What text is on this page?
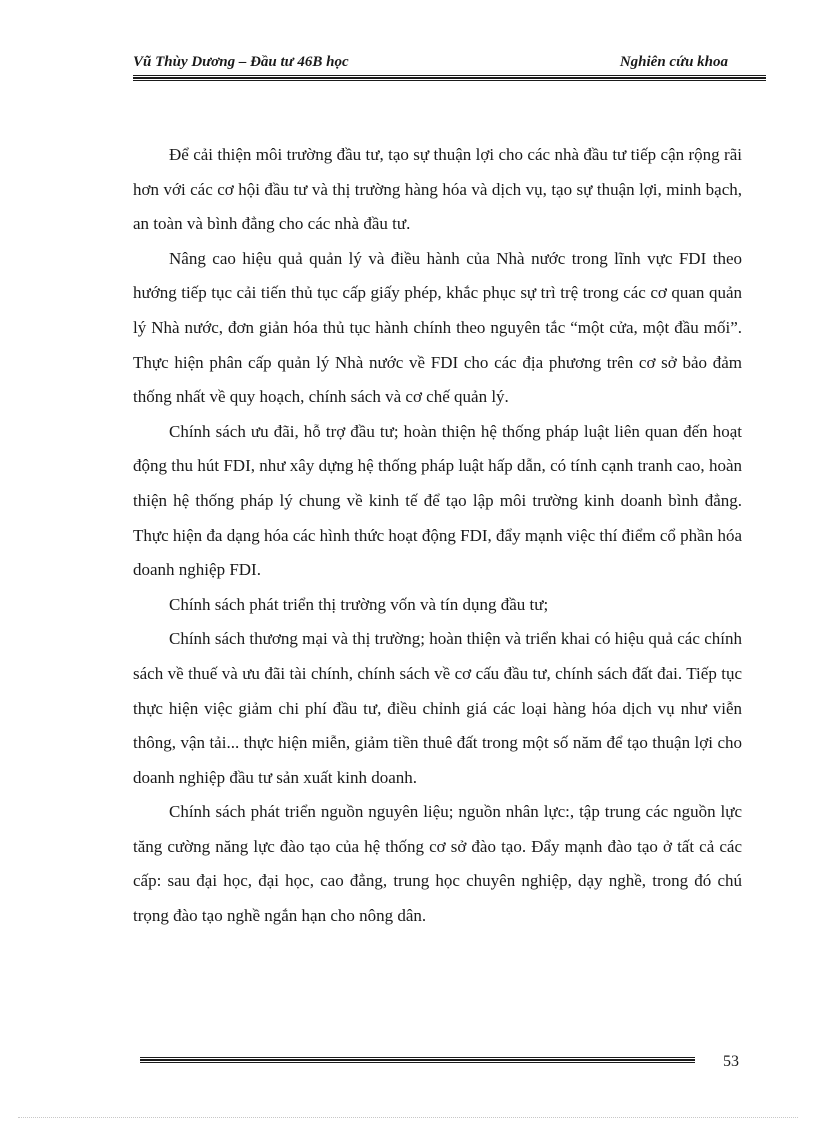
Vũ Thùy Dương – Đầu tư 46B học	Nghiên cứu khoa

Để cải thiện môi trường đầu tư, tạo sự thuận lợi cho các nhà đầu tư tiếp cận rộng rãi hơn với các cơ hội đầu tư và thị trường hàng hóa và dịch vụ, tạo sự thuận lợi, minh bạch, an toàn và bình đẳng cho các nhà đầu tư.

Nâng cao hiệu quả quản lý và điều hành của Nhà nước trong lĩnh vực FDI theo hướng tiếp tục cải tiến thủ tục cấp giấy phép, khắc phục sự trì trệ trong các cơ quan quản lý Nhà nước, đơn giản hóa thủ tục hành chính theo nguyên tắc “một cửa, một đầu mối”. Thực hiện phân cấp quản lý Nhà nước về FDI cho các địa phương trên cơ sở bảo đảm thống nhất về quy hoạch, chính sách và cơ chế quản lý.

Chính sách ưu đãi, hỗ trợ đầu tư; hoàn thiện hệ thống pháp luật liên quan đến hoạt động thu hút FDI, như xây dựng hệ thống pháp luật hấp dẫn, có tính cạnh tranh cao, hoàn thiện hệ thống pháp lý chung về kinh tế để tạo lập môi trường kinh doanh bình đẳng. Thực hiện đa dạng hóa các hình thức hoạt động FDI, đẩy mạnh việc thí điểm cổ phần hóa doanh nghiệp FDI.

Chính sách phát triển thị trường vốn và tín dụng đầu tư;

Chính sách thương mại và thị trường; hoàn thiện và triển khai có hiệu quả các chính sách về thuế và ưu đãi tài chính, chính sách về cơ cấu đầu tư, chính sách đất đai. Tiếp tục thực hiện việc giảm chi phí đầu tư, điều chỉnh giá các loại hàng hóa dịch vụ như viễn thông, vận tải... thực hiện miễn, giảm tiền thuê đất trong một số năm để tạo thuận lợi cho doanh nghiệp đầu tư sản xuất kinh doanh.

Chính sách phát triển nguồn nguyên liệu; nguồn nhân lực:, tập trung các nguồn lực tăng cường năng lực đào tạo của hệ thống cơ sở đào tạo. Đẩy mạnh đào tạo ở tất cả các cấp: sau đại học, đại học, cao đẳng, trung học chuyên nghiệp, dạy nghề, trong đó chú trọng đào tạo nghề ngắn hạn cho nông dân.

53
